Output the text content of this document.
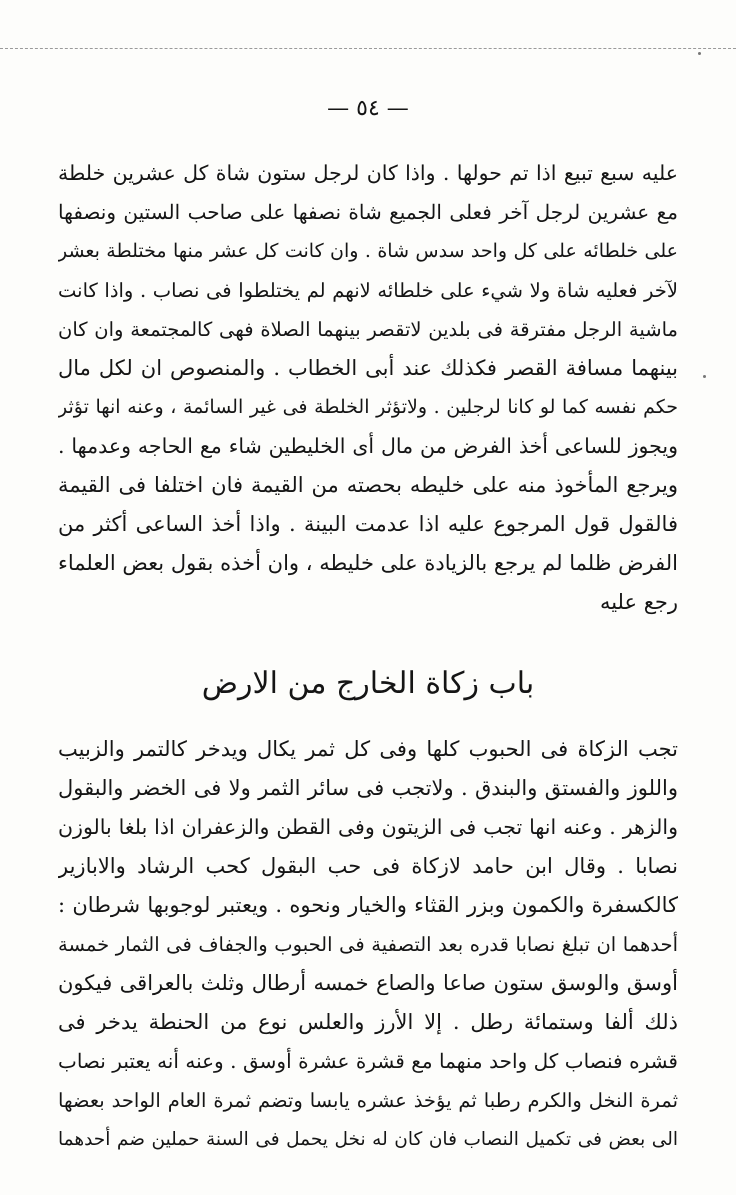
— ٥٤ —
عليه سبع تبيع اذا تم حولها . واذا كان لرجل ستون شاة كل عشرين خلطة
مع عشرين لرجل آخر فعلى الجميع شاة نصفها على صاحب الستين ونصفها
على خلطائه على كل واحد سدس شاة . وان كانت كل عشر منها مختلطة بعشر
لآخر فعليه شاة ولا شيء على خلطائه لانهم لم يختلطوا فى نصاب . واذا كانت
ماشية الرجل مفترقة فى بلدين لاتقصر بينهما الصلاة فهى كالمجتمعة وان كان
بينهما مسافة القصر فكذلك عند أبى الخطاب . والمنصوص ان لكل مال
حكم نفسه كما لو كانا لرجلين . ولاتؤثر الخلطة فى غير السائمة ، وعنه انها تؤثر
ويجوز للساعى أخذ الفرض من مال أى الخليطين شاء مع الحاجه وعدمها .
ويرجع المأخوذ منه على خليطه بحصته من القيمة فان اختلفا فى القيمة
فالقول قول المرجوع عليه اذا عدمت البينة . واذا أخذ الساعى أكثر من
الفرض ظلما لم يرجع بالزيادة على خليطه ، وان أخذه بقول بعض العلماء
رجع عليه
باب زكاة الخارج من الارض
تجب الزكاة فى الحبوب كلها وفى كل ثمر يكال ويدخر كالتمر والزبيب
واللوز والفستق والبندق . ولاتجب فى سائر الثمر ولا فى الخضر والبقول
والزهر . وعنه انها تجب فى الزيتون وفى القطن والزعفران اذا بلغا بالوزن
نصابا . وقال ابن حامد لازكاة فى حب البقول كحب الرشاد والابازير
كالكسفرة والكمون وبزر القثاء والخيار ونحوه . ويعتبر لوجوبها شرطان :
أحدهما ان تبلغ نصابا قدره بعد التصفية فى الحبوب والجفاف فى الثمار خمسة
أوسق والوسق ستون صاعا والصاع خمسه أرطال وثلث بالعراقى فيكون
ذلك ألفا وستمائة رطل . إلا الأرز والعلس نوع من الحنطة يدخر فى
قشره فنصاب كل واحد منهما مع قشرة عشرة أوسق . وعنه أنه يعتبر نصاب
ثمرة النخل والكرم رطبا ثم يؤخذ عشره يابسا وتضم ثمرة العام الواحد بعضها
الى بعض فى تكميل النصاب فان كان له نخل يحمل فى السنة حملين ضم أحدهما
